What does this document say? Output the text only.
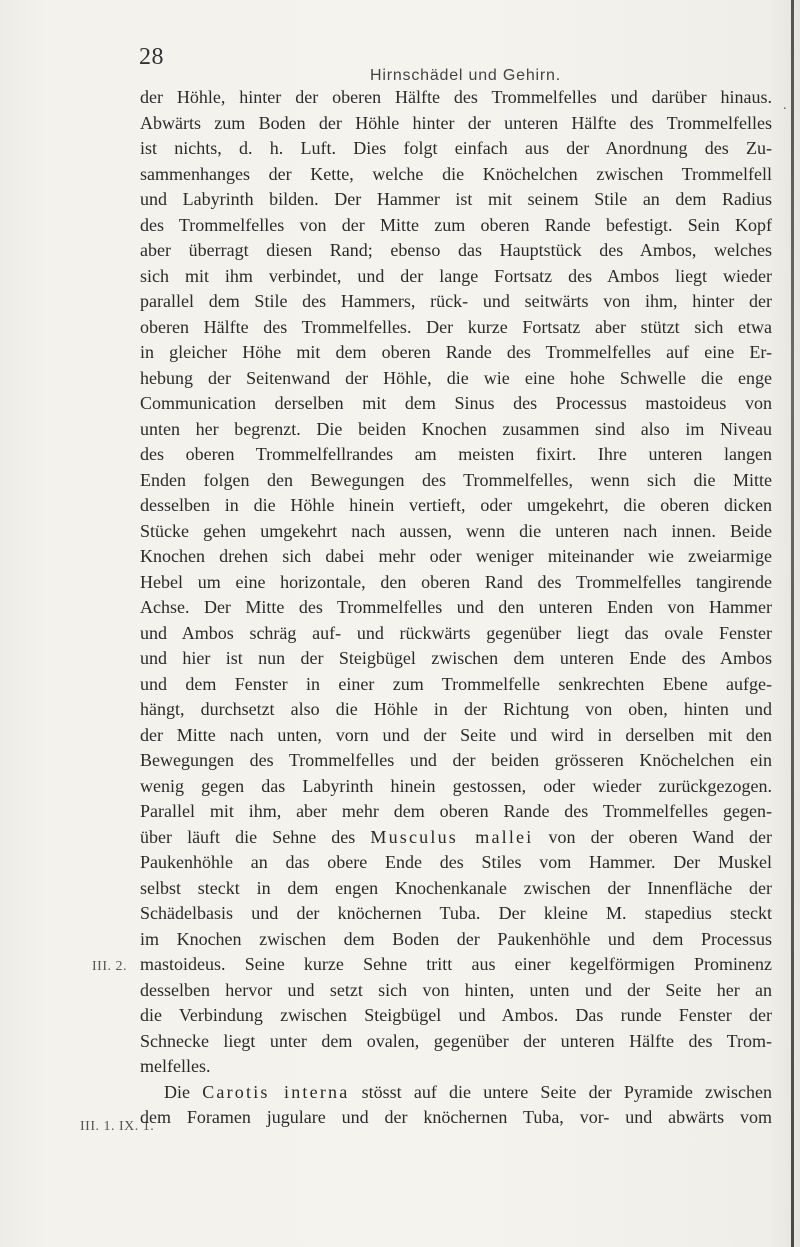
28
Hirnschädel und Gehirn.
.
III. 2.
III. 1. IX. 1.
der Höhle, hinter der oberen Hälfte des Trommelfelles und darüber hinaus.
Abwärts zum Boden der Höhle hinter der unteren Hälfte des Trommelfelles
ist nichts, d. h. Luft. Dies folgt einfach aus der Anordnung des Zu-
sammenhanges der Kette, welche die Knöchelchen zwischen Trommelfell
und Labyrinth bilden. Der Hammer ist mit seinem Stile an dem Radius
des Trommelfelles von der Mitte zum oberen Rande befestigt. Sein Kopf
aber überragt diesen Rand; ebenso das Hauptstück des Ambos, welches
sich mit ihm verbindet, und der lange Fortsatz des Ambos liegt wieder
parallel dem Stile des Hammers, rück- und seitwärts von ihm, hinter der
oberen Hälfte des Trommelfelles. Der kurze Fortsatz aber stützt sich etwa
in gleicher Höhe mit dem oberen Rande des Trommelfelles auf eine Er-
hebung der Seitenwand der Höhle, die wie eine hohe Schwelle die enge
Communication derselben mit dem Sinus des Processus mastoideus von
unten her begrenzt. Die beiden Knochen zusammen sind also im Niveau
des oberen Trommelfellrandes am meisten fixirt. Ihre unteren langen
Enden folgen den Bewegungen des Trommelfelles, wenn sich die Mitte
desselben in die Höhle hinein vertieft, oder umgekehrt, die oberen dicken
Stücke gehen umgekehrt nach aussen, wenn die unteren nach innen. Beide
Knochen drehen sich dabei mehr oder weniger miteinander wie zweiarmige
Hebel um eine horizontale, den oberen Rand des Trommelfelles tangirende
Achse. Der Mitte des Trommelfelles und den unteren Enden von Hammer
und Ambos schräg auf- und rückwärts gegenüber liegt das ovale Fenster
und hier ist nun der Steigbügel zwischen dem unteren Ende des Ambos
und dem Fenster in einer zum Trommelfelle senkrechten Ebene aufge-
hängt, durchsetzt also die Höhle in der Richtung von oben, hinten und
der Mitte nach unten, vorn und der Seite und wird in derselben mit den
Bewegungen des Trommelfelles und der beiden grösseren Knöchelchen ein
wenig gegen das Labyrinth hinein gestossen, oder wieder zurückgezogen.
Parallel mit ihm, aber mehr dem oberen Rande des Trommelfelles gegen-
über läuft die Sehne des Musculus mallei von der oberen Wand der
Paukenhöhle an das obere Ende des Stiles vom Hammer. Der Muskel
selbst steckt in dem engen Knochenkanale zwischen der Innenfläche der
Schädelbasis und der knöchernen Tuba. Der kleine M. stapedius steckt
im Knochen zwischen dem Boden der Paukenhöhle und dem Processus
mastoideus. Seine kurze Sehne tritt aus einer kegelförmigen Prominenz
desselben hervor und setzt sich von hinten, unten und der Seite her an
die Verbindung zwischen Steigbügel und Ambos. Das runde Fenster der
Schnecke liegt unter dem ovalen, gegenüber der unteren Hälfte des Trom-
melfelles.
Die Carotis interna stösst auf die untere Seite der Pyramide zwischen
dem Foramen jugulare und der knöchernen Tuba, vor- und abwärts vom
